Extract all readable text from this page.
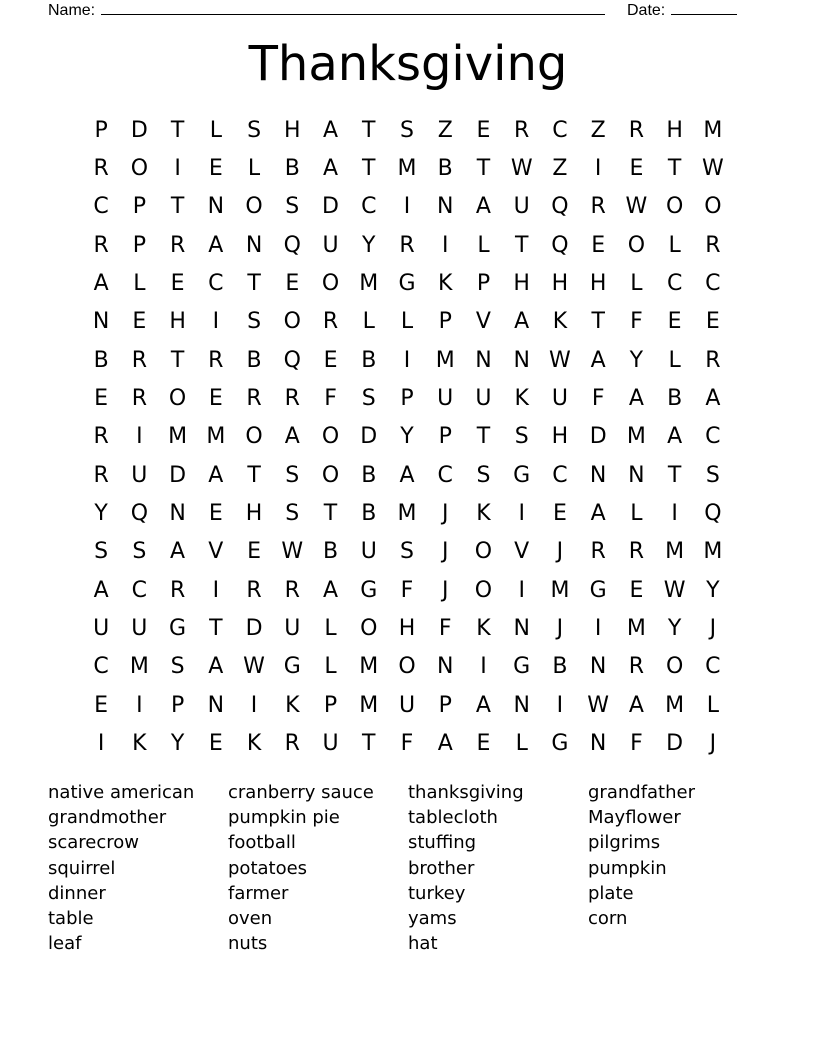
Name:	Date:
Thanksgiving
P	D	T	L	S	H	A	T	S	Z	E	R	C	Z	R	H M
R O	I	E	L	B	A	T	M B	T W Z	I	E	T W
C	P	T	N O	S	D	C	I	N	A	U Q R W O O
R	P	R	A	N Q U	Y	R	I	L	T	Q	E	O	L	R
A	L	E	C	T	E	O M G	K	P	H H H	L	C	C
N	E	H	I	S	O R	L	L	P	V	A	K	T	F	E	E
B	R	T	R	B	Q	E	B	I	M N N W A	Y	L	R
E	R O	E	R	R	F	S	P	U	U	K	U	F	A	B	A
R	I	M M O	A	O D	Y	P	T	S	H D M A	C
R	U D	A	T	S	O	B	A	C	S	G	C	N N	T	S
Y	Q N	E	H	S	T	B M	J	K	I	E	A	L	I	Q
S	S	A	V	E W B	U	S	J	O	V	J	R	R M M
A	C	R	I	R	R	A	G	F	J	O	I	M G	E W Y
U	U G	T	D U	L	O H	F	K	N	J	I	M	Y	J
C M S	A W G	L	M O N	I	G	B	N	R O C
E	I	P	N	I	K	P	M U	P	A	N	I	W A M	L
I	K	Y	E	K	R	U	T	F	A	E	L	G N	F	D	J
native american
grandmother
scarecrow
squirrel
dinner
table
leaf
cranberry sauce
pumpkin pie
football
potatoes
farmer
oven
nuts
thanksgiving
tablecloth
stuffing
brother
turkey
yams
hat
grandfather
Mayflower
pilgrims
pumpkin
plate
corn
